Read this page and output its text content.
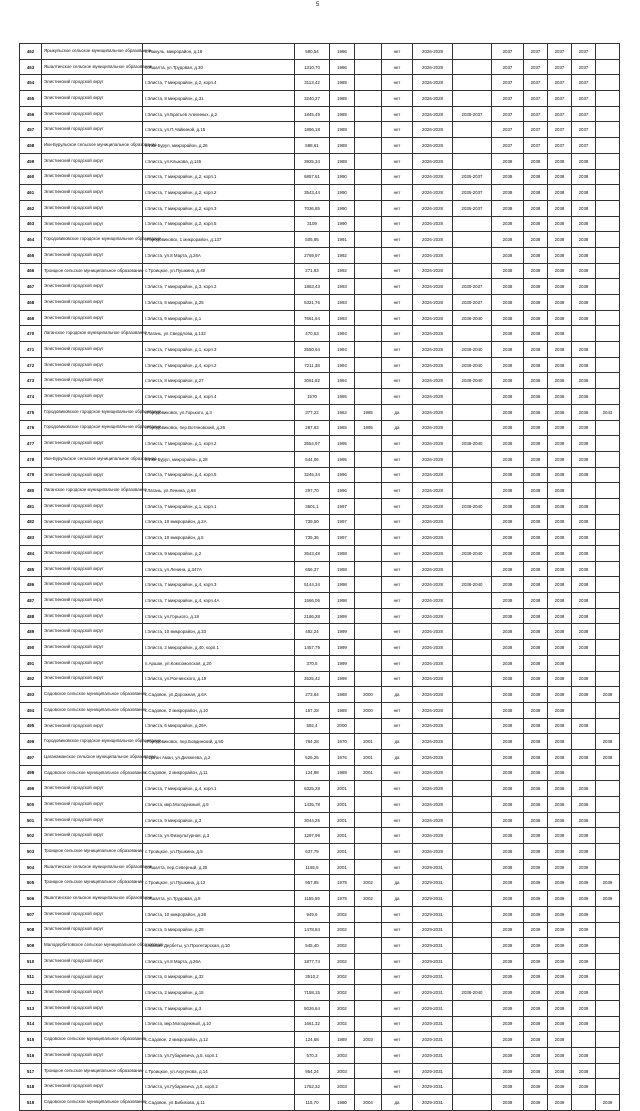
5
452	Ярыкульское сельское муниципальное образование	п.Яшкуль, микрорайон, д.18	580,54	1986		нет	2026-2028		2037	2037	2037	2037	
453	Яшалтинское сельское муниципальное образование	с.Яшалта, ул.Трудовая, д.30	1310,70	1986		нет	2026-2028		2037	2037	2037	2037	
454	Элистинский городской округ	г.Элиста, 7 микрорайон, д.2, корп.4	3113,42	1989		нет	2026-2028		2037	2037	2037	2037	
455	Элистинский городской округ	г.Элиста, 8 микрорайон, д.31	3240,27	1989		нет	2026-2028		2037	2037	2037	2037	
456	Элистинский городской округ	г.Элиста, ул.Братьев Алехиных, д.2	1845,49	1989		нет	2026-2028	2035-2037	2037	2037	2037	2037	
457	Элистинский городской округ	г.Элиста, ул.П.Чайкиной, д.15	1896,18	1989		нет	2026-2028		2037	2037	2037	2037	
458	Ики-Бурульское сельское муниципальное образование	п.Ики-Бурул, микрорайон, д.26	588,61	1989		нет	2026-2028		2037	2037	2037	2037	
459	Элистинский городской округ	г.Элиста, ул.Клыкова, д.145	3925,34	1989		нет	2026-2028		2038	2038	2038	2038	
460	Элистинский городской округ	г.Элиста, 7 микрорайон, д.2, корп.1	6857,61	1990		нет	2026-2028	2035-2037	2038	2038	2038	2038	
461	Элистинский городской округ	г.Элиста, 7 микрорайон, д.2, корп.2	3543,44	1990		нет	2026-2028	2035-2037	2038	2038	2038	2038	
462	Элистинский городской округ	г.Элиста, 7 микрорайон, д.2, корп.3	7036,85	1990		нет	2026-2028	2035-2037	2038	2038	2038	2038	
463	Элистинский городской округ	г.Элиста, 7 микрорайон, д.2, корп.5	3109	1990		нет	2026-2028		2038	2038	2038	2038	
464	Городовиковское городское муниципальное образование	г.Городовиковск, 1 микрорайон, д.137	505,95	1991		нет	2026-2028		2038	2038	2038	2038	
465	Элистинский городской округ	г.Элиста, ул.8 Марта, д.26А	2769,97	1992		нет	2026-2028		2038	2038	2038	2038	
466	Троицкое сельское муниципальное образование	с.Троицкое, ул.Пушкина, д.49	271,93	1992		нет	2026-2028		2038	2038	2038	2038	
467	Элистинский городской округ	г.Элиста, 7 микрорайон, д.3, корп.2	1863,43	1993		нет	2026-2028	2035-2037	2038	2038	2038	2038	
468	Элистинский городской округ	г.Элиста, 8 микрорайон, д.25	5321,76	1993		нет	2026-2028	2035-2037	2038	2038	2038	2038	
469	Элистинский городской округ	г.Элиста, 9 микрорайон, д.1	7661,64	1993		нет	2026-2028	2038-2040	2038	2038	2038	2038	
470	Лаганское городское муниципальное образование	г.Лагань, ул.Свердлова, д.132	470,53	1994		нет	2026-2028		2038	2038	2038		
471	Элистинский городской округ	г.Элиста, 7 микрорайон, д.1, корп.3	3550,64	1994		нет	2026-2028	2038-2040	2038	2038	2038	2038	
472	Элистинский городской округ	г.Элиста, 7 микрорайон, д.4, корп.2	7211,38	1994		нет	2026-2028	2038-2040	2038	2038	2038	2038	
473	Элистинский городской округ	г.Элиста, 8 микрорайон, д.27	3061,82	1994		нет	2026-2028	2038-2040	2038	2038	2038	2038	
474	Элистинский городской округ	г.Элиста, 7 микрорайон, д.4, корп.4	1570	1995		нет	2026-2028		2038	2038	2038	2038	
475	Городовиковское городское муниципальное образование	г.Городовиковск, ул.Горького, д.3	377,22	1962	1985	да	2026-2028		2038	2038	2038	2038	2043
476	Городовиковское городское муниципальное образование	г.Городовиковск, пер.Вотяновский, д.26	287,63	1965	1995	да	2026-2028		2038	2038	2038	2038	
477	Элистинский городской округ	г.Элиста, 7 микрорайон, д.1, корп.2	3554,97	1995		нет	2026-2028	2038-2040	2038	2038	2038	2038	
478	Ики-Бурульское сельское муниципальное образование	п.Ики-Бурул, микрорайон, д.28	544,06	1995		нет	2026-2028		2038	2038	2038	2038	
479	Элистинский городской округ	г.Элиста, 7 микрорайон, д.4, корп.5	3245,34	1996		нет	2026-2028		2038	2038	2038	2038	
480	Лаганское городское муниципальное образование	г.Лагань, ул.Ленина, д.68	297,70	1996		нет	2026-2028		2038	2038	2038		
481	Элистинский городской округ	г.Элиста, 7 микрорайон, д.1, корп.1	3601,1	1997		нет	2026-2028	2038-2040	2038	2038	2038	2038	
482	Элистинский городской округ	г.Элиста, 10 микрорайон, д.2А	739,50	1997		нет	2026-2028		2038	2038	2038	2038	
483	Элистинский городской округ	г.Элиста, 10 микрорайон, д.5	735,36	1997		нет	2026-2028		2038	2038	2038	2038	
484	Элистинский городской округ	г.Элиста, 9 микрорайон, д.2	3543,48	1998		нет	2026-2028	2038-2040	2038	2038	2038	2038	
485	Элистинский городской округ	г.Элиста, ул.Ленина, д.347А	656,37	1998		нет	2026-2028		2038	2038	2038	2038	
486	Элистинский городской округ	г.Элиста, 7 микрорайон, д.4, корп.3	5144,34	1998		нет	2026-2028	2038-2040	2038	2038	2038	2038	
487	Элистинский городской округ	г.Элиста, 7 микрорайон, д.4, корп.4А	1566,06	1998		нет	2026-2028		2038	2038	2038	2038	
488	Элистинский городской округ	г.Элиста, ул.Горького, д.18	2186,28	1999		нет	2026-2028		2038	2038	2038	2038	
489	Элистинский городской округ	г.Элиста, 10 микрорайон, д.33	482,24	1999		нет	2026-2028		2038	2038	2038	2038	
490	Элистинский городской округ	г.Элиста, 2 микрорайон, д.40, корп.1	1457,79	1999		нет	2026-2028		2038	2038	2038	2038	
491	Элистинский городской округ	п.Аршан, ул.Комсомолская, д.20	370,5	1999		нет	2026-2028		2038	2038	2038		
492	Элистинский городской округ	г.Элиста, ул.Рокчинского, д.19	2525,42	1999		нет	2026-2028		2038	2038	2038	2038	
493	Садовское сельское муниципальное образование	с.Садовое, ул.Дорожная, д.6А	273,64	1968	2000	да	2026-2028		2038	2038	2038	2038	2038
494	Садовское сельское муниципальное образование	с.Садовое, 2 микрорайон, д.10	157,28	1989	2000	нет	2026-2028		2038	2038	2038		
495	Элистинский городской округ	г.Элиста, 6 микрорайон, д.29А	592,4	2000		нет	2026-2028		2038	2038	2038	2038	
496	Городовиковское городское муниципальное образование	г.Городовиковск, пер.Бовдинский, д.50	784,28	1970	2001	да	2026-2028		2038	2038	2038		2038
497	Цаганаманское сельское муниципальное образование	п.Цаган Аман, ул.Дилжеева, д.2	526,25	1976	2001	да	2026-2028		2038	2038	2038	2038	2038
498	Садовское сельское муниципальное образование	с.Садовое, 2 микрорайон, д.11	124,98	1989	2001	нет	2026-2028		2038	2038	2038		
499	Элистинский городской округ	г.Элиста, 7 микрорайон, д.4, корп.1	6325,28	2001		нет	2026-2028		2038	2038	2038	2038	
500	Элистинский городской округ	г.Элиста, мкр.Молодежный, д.9	1435,78	2001		нет	2026-2028		2038	2038	2038	2038	
501	Элистинский городской округ	г.Элиста, 9 микрорайон, д.3	3044,25	2001		нет	2026-2028		2038	2038	2038	2038	
502	Элистинский городской округ	г.Элиста, ул.Физкультурная, д.3	1297,99	2001		нет	2026-2028		2038	2038	2038	2038	
503	Троицкое сельское муниципальное образование	с.Троицкое, ул.Пушкина, д.5	637,79	2001		нет	2026-2028		2038	2038	2038	2038	
504	Яшалтинское сельское муниципальное образование	с.Яшалта, пер.Северный, д.25	1165,5	2001		нет	2029-2031		2039	2039	2039	2039	
505	Троицкое сельское муниципальное образование	с.Троицкое, ул.Пушкина, д.13	957,95	1979	2002	да	2029-2031		2039	2039	2039	2039	2039
506	Яшалтинское сельское муниципальное образование	с.Яшалта, ул.Трудовая, д.9	1155,59	1979	2002	да	2029-2031		2039	2039	2039	2039	2039
507	Элистинский городской округ	г.Элиста, 10 микрорайон, д.38	949,6	2002		нет	2029-2031		2039	2039	2039	2039	
508	Элистинский городской округ	г.Элиста, 5 микрорайон, д.29	1478,84	2002		нет	2029-2031		2039	2039	2039	2039	
509	Малодербетовское сельское муниципальное образование	с.Малые Дербеты, ул.Пролетарская, д.10	545,40	2002		нет	2029-2031		2039	2039	2039	2039	
510	Элистинский городской округ	г.Элиста, ул.8 Марта, д.26А	1877,74	2002		нет	2029-2031		2039	2039	2039	2039	
511	Элистинский городской округ	г.Элиста, 6 микрорайон, д.32	3510,2	2002		нет	2029-2031		2039	2039	2039	2039	
512	Элистинский городской округ	г.Элиста, 2 микрорайон, д.15	7158,15	2002		нет	2029-2031	2038-2040	2039	2039	2039	2039	
513	Элистинский городской округ	г.Элиста, 7 микрорайон, д.3	5026,64	2002		нет	2029-2031		2039	2039	2039	2039	
514	Элистинский городской округ	г.Элиста, мкр.Молодежный, д.10	1661,32	2002		нет	2029-2031		2039	2039	2039	2039	
515	Садовское сельское муниципальное образование	с.Садовое, 2 микрорайон, д.12	124,68	1989	2003	нет	2029-2031		2039	2039	2039		
516	Элистинский городской округ	г.Элиста, ул.Губаревича, д.5, корп.1	570,3	2003		нет	2029-2031		2039	2039	2039	2039	
517	Троицкое сельское муниципальное образование	с.Троицкое, ул.Ахугунова, д.14	954,24	2003		нет	2029-2031		2039	2039	2039	2039	
518	Элистинский городской округ	г.Элиста, ул.Губаревича, д.5, корп.2	1752,32	2003		нет	2029-2031		2039	2039	2039	2039	
519	Садовское сельское муниципальное образование	с.Садовое, ул.Бибикова, д.11	115,70	1980	2004	да	2029-2031		2039	2039	2039		2039
